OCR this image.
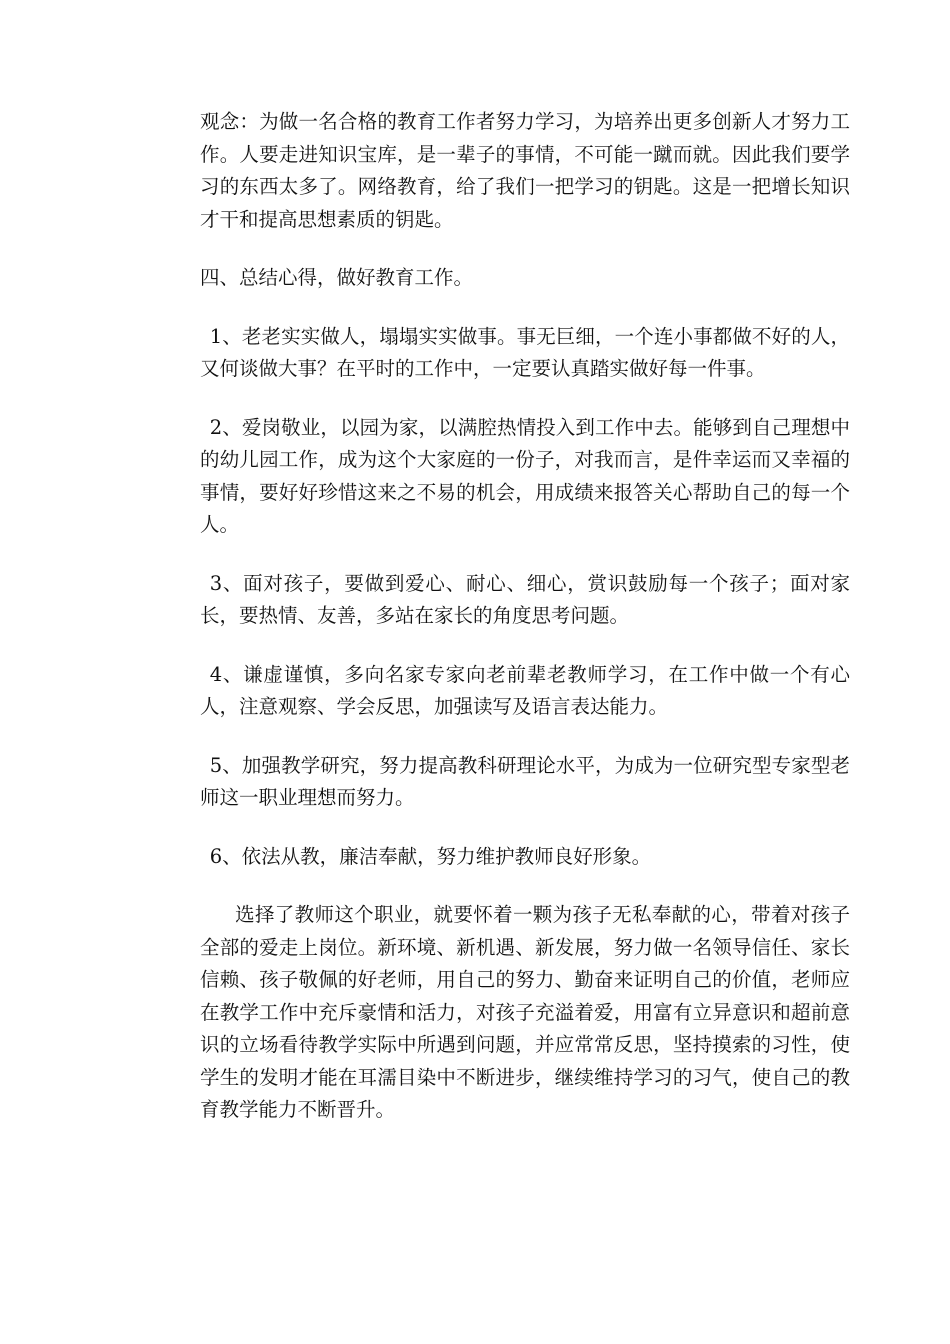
观念：为做一名合格的教育工作者努力学习，为培养出更多创新人才努力工作。人要走进知识宝库，是一辈子的事情，不可能一蹴而就。因此我们要学习的东西太多了。网络教育，给了我们一把学习的钥匙。这是一把增长知识才干和提高思想素质的钥匙。

四、总结心得，做好教育工作。

1、老老实实做人，塌塌实实做事。事无巨细，一个连小事都做不好的人，又何谈做大事？在平时的工作中，一定要认真踏实做好每一件事。

2、爱岗敬业，以园为家，以满腔热情投入到工作中去。能够到自己理想中的幼儿园工作，成为这个大家庭的一份子，对我而言，是件幸运而又幸福的事情，要好好珍惜这来之不易的机会，用成绩来报答关心帮助自己的每一个人。

3、面对孩子，要做到爱心、耐心、细心，赏识鼓励每一个孩子；面对家长，要热情、友善，多站在家长的角度思考问题。

4、谦虚谨慎，多向名家专家向老前辈老教师学习，在工作中做一个有心人，注意观察、学会反思，加强读写及语言表达能力。

5、加强教学研究，努力提高教科研理论水平，为成为一位研究型专家型老师这一职业理想而努力。

6、依法从教，廉洁奉献，努力维护教师良好形象。

选择了教师这个职业，就要怀着一颗为孩子无私奉献的心，带着对孩子全部的爱走上岗位。新环境、新机遇、新发展，努力做一名领导信任、家长信赖、孩子敬佩的好老师，用自己的努力、勤奋来证明自己的价值，老师应在教学工作中充斥豪情和活力，对孩子充溢着爱，用富有立异意识和超前意识的立场看待教学实际中所遇到问题，并应常常反思，坚持摸索的习性，使学生的发明才能在耳濡目染中不断进步，继续维持学习的习气，使自己的教育教学能力不断晋升。
